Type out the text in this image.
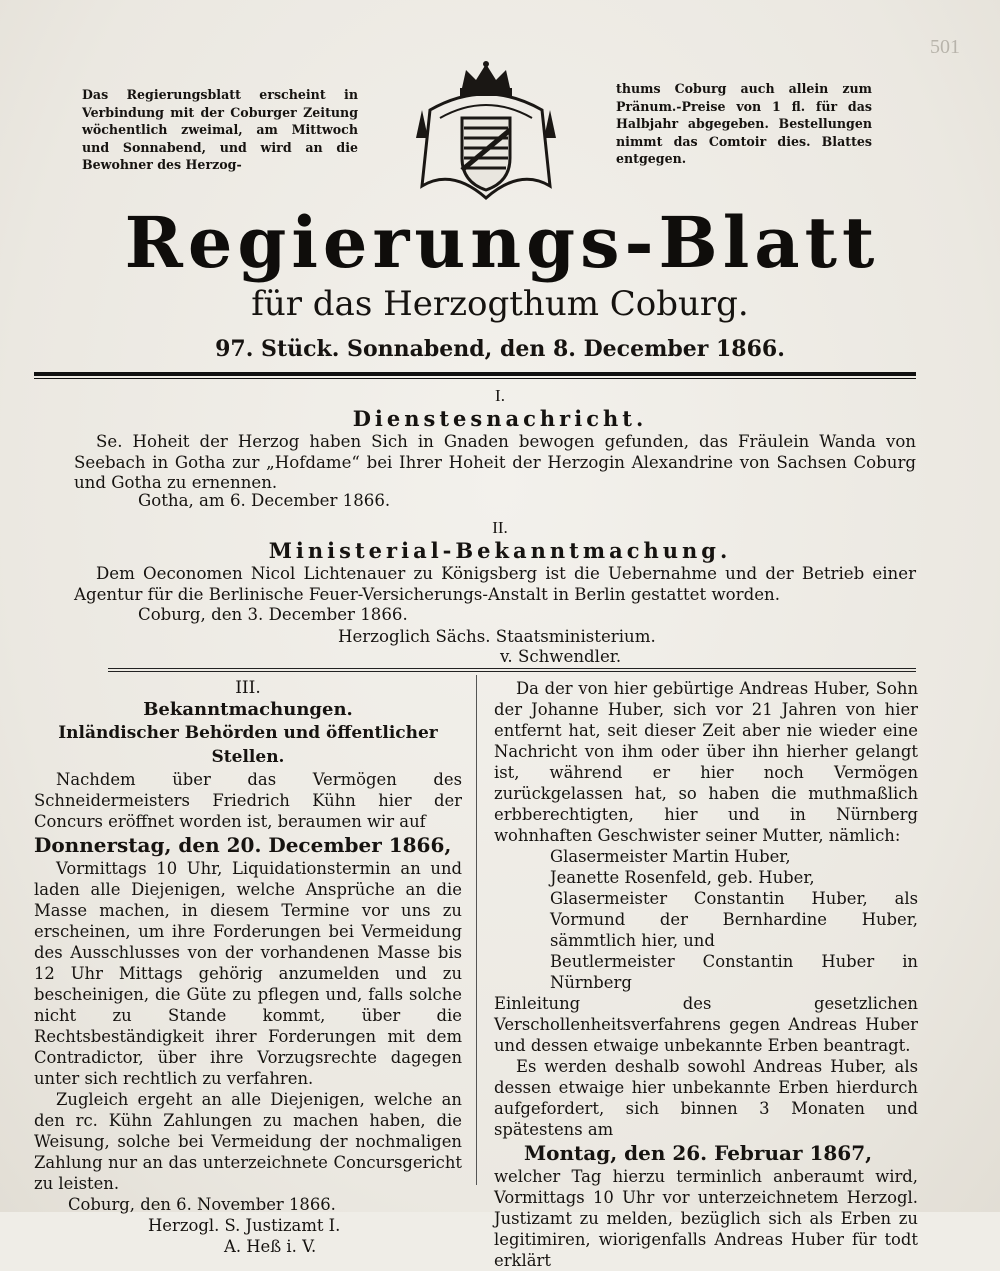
501
Das Regierungsblatt erscheint in Verbindung mit der Coburger Zeitung wöchentlich zweimal, am Mittwoch und Sonnabend, und wird an die Bewohner des Herzog-
thums Coburg auch allein zum Pränum.-Preise von 1 fl. für das Halbjahr abgegeben. Bestellungen nimmt das Comtoir dies. Blattes entgegen.
Regierungs-Blatt
für das Herzogthum Coburg.
97. Stück. Sonnabend, den 8. December 1866.
I.
Dienstesnachricht.
Se. Hoheit der Herzog haben Sich in Gnaden bewogen gefunden, das Fräulein Wanda von Seebach in Gotha zur „Hofdame“ bei Ihrer Hoheit der Herzogin Alexandrine von Sachsen Coburg und Gotha zu ernennen.
Gotha, am 6. December 1866.
II.
Ministerial-Bekanntmachung.
Dem Oeconomen Nicol Lichtenauer zu Königsberg ist die Uebernahme und der Betrieb einer Agentur für die Berlinische Feuer-Versicherungs-Anstalt in Berlin gestattet worden.
Coburg, den 3. December 1866.
Herzoglich Sächs. Staatsministerium.
v. Schwendler.

III.

Bekanntmachungen.

Inländischer Behörden und öffentlicher Stellen.

Nachdem über das Vermögen des Schneidermeisters Friedrich Kühn hier der Concurs eröffnet worden ist, beraumen wir auf

Donnerstag, den 20. December 1866,

Vormittags 10 Uhr, Liquidationstermin an und laden alle Diejenigen, welche Ansprüche an die Masse machen, in diesem Termine vor uns zu erscheinen, um ihre Forderungen bei Vermeidung des Ausschlusses von der vorhandenen Masse bis 12 Uhr Mittags gehörig anzumelden und zu bescheinigen, die Güte zu pflegen und, falls solche nicht zu Stande kommt, über die Rechtsbeständigkeit ihrer Forderungen mit dem Contradictor, über ihre Vorzugsrechte dagegen unter sich rechtlich zu verfahren.

Zugleich ergeht an alle Diejenigen, welche an den rc. Kühn Zahlungen zu machen haben, die Weisung, solche bei Vermeidung der nochmaligen Zahlung nur an das unterzeichnete Concursgericht zu leisten.

Coburg, den 6. November 1866.

Herzogl. S. Justizamt I.

A. Heß i. V.

Da der von hier gebürtige Andreas Huber, Sohn der Johanne Huber, sich vor 21 Jahren von hier entfernt hat, seit dieser Zeit aber nie wieder eine Nachricht von ihm oder über ihn hierher gelangt ist, während er hier noch Vermögen zurückgelassen hat, so haben die muthmaßlich erbberechtigten, hier und in Nürnberg wohnhaften Geschwister seiner Mutter, nämlich:

Glasermeister Martin Huber,

Jeanette Rosenfeld, geb. Huber,

Glasermeister Constantin Huber, als Vormund der Bernhardine Huber, sämmtlich hier, und

Beutlermeister Constantin Huber in Nürnberg

Einleitung des gesetzlichen Verschollenheitsverfahrens gegen Andreas Huber und dessen etwaige unbekannte Erben beantragt.

Es werden deshalb sowohl Andreas Huber, als dessen etwaige hier unbekannte Erben hierdurch aufgefordert, sich binnen 3 Monaten und spätestens am

Montag, den 26. Februar 1867,

welcher Tag hierzu terminlich anberaumt wird, Vormittags 10 Uhr vor unterzeichnetem Herzogl. Justizamt zu melden, bezüglich sich als Erben zu legitimiren, wiorigenfalls Andreas Huber für todt erklärt
